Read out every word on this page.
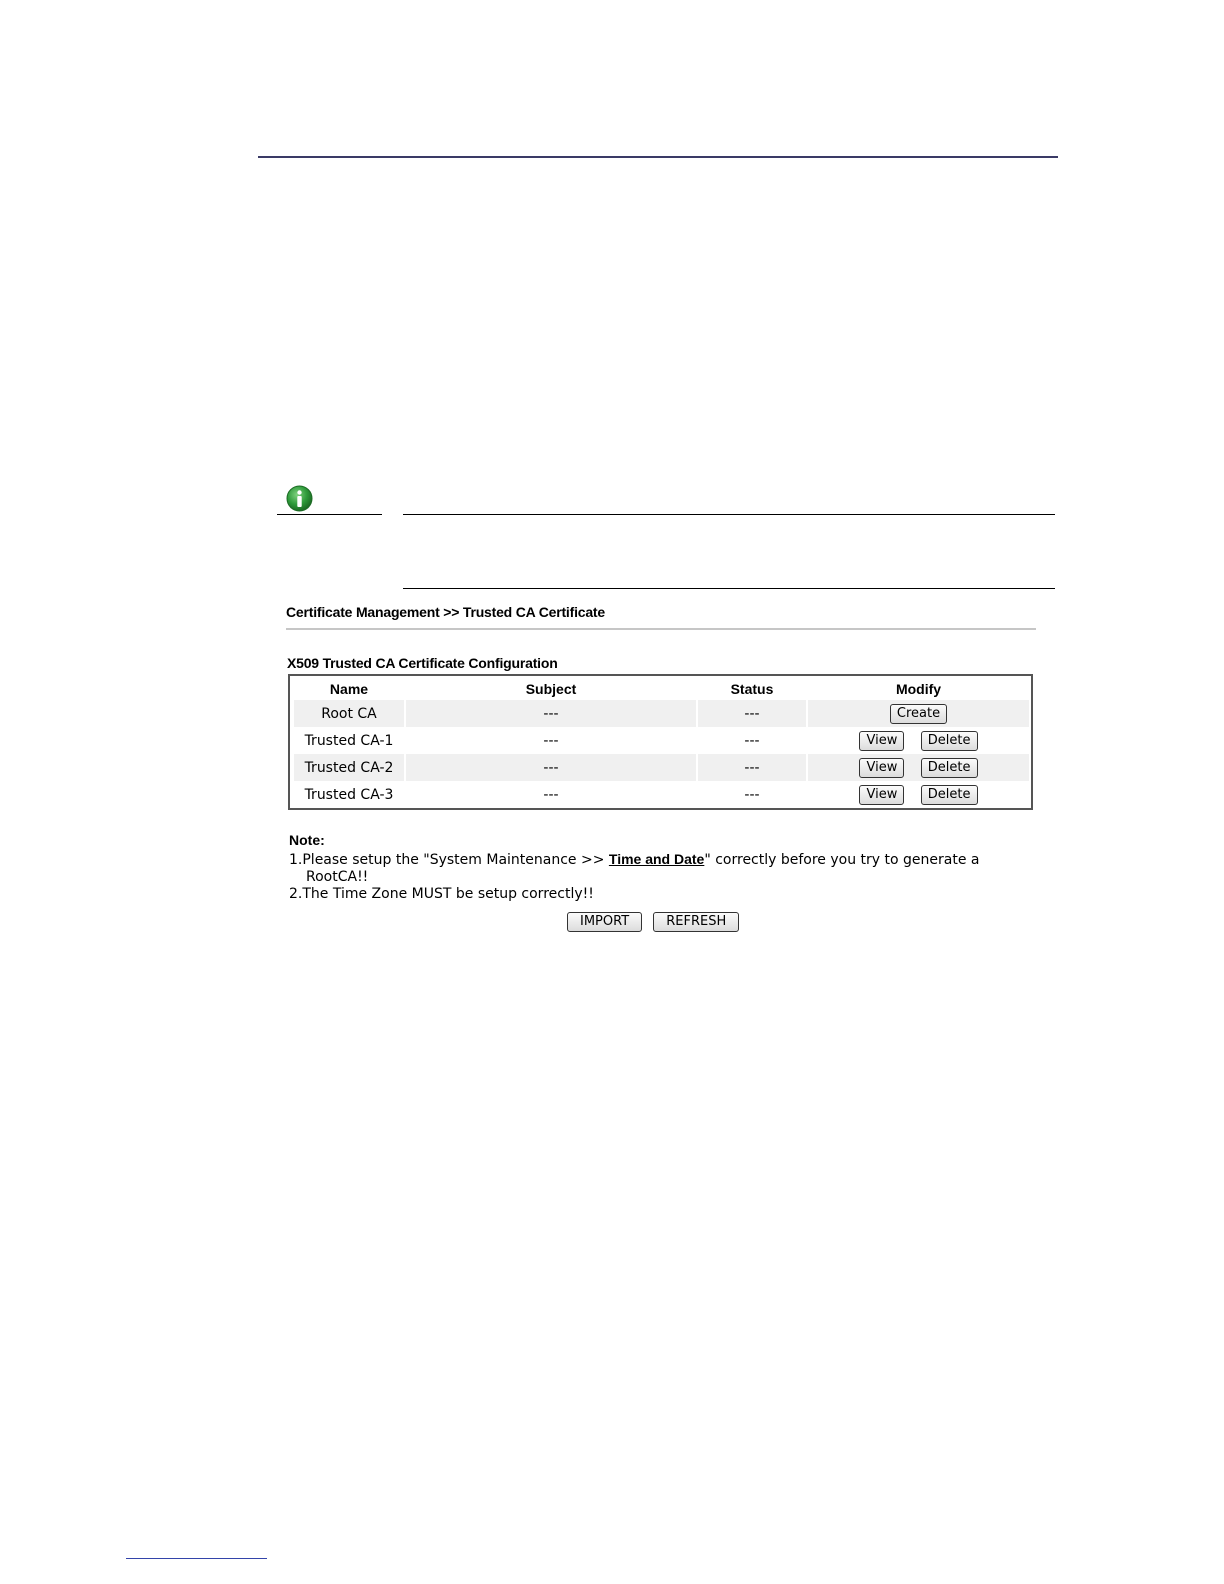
Certificate Management >> Trusted CA Certificate
X509 Trusted CA Certificate Configuration
Name	Subject	Status	Modify
Root CA	---	---	Create
Trusted CA-1	---	---	View Delete
Trusted CA-2	---	---	View Delete
Trusted CA-3	---	---	View Delete
Note:
1.Please setup the "System Maintenance >> Time and Date" correctly before you try to generate a
RootCA!!
2.The Time Zone MUST be setup correctly!!
IMPORT	REFRESH
